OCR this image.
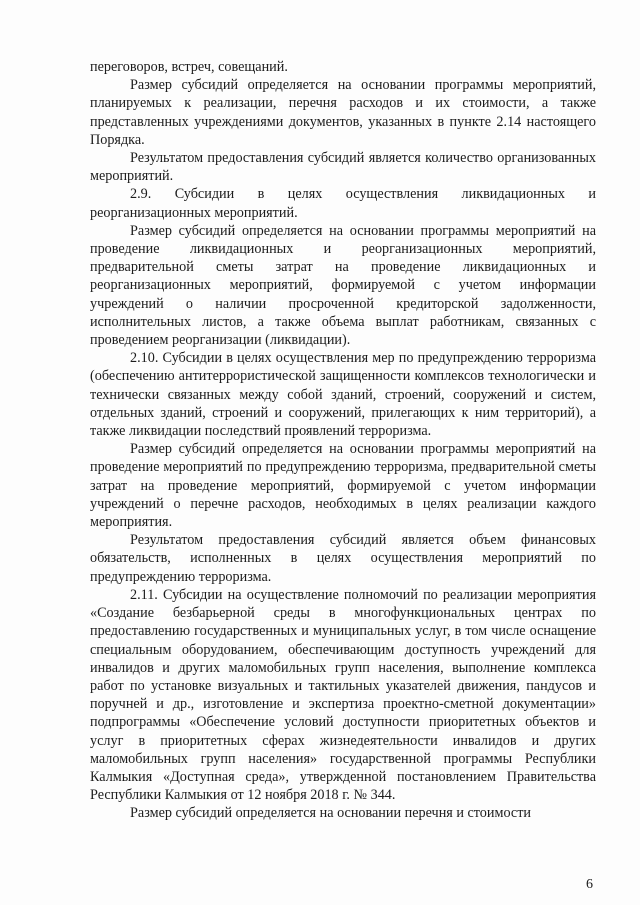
переговоров, встреч, совещаний.

Размер субсидий определяется на основании программы мероприятий, планируемых к реализации, перечня расходов и их стоимости, а также представленных учреждениями документов, указанных в пункте 2.14 настоящего Порядка.

Результатом предоставления субсидий является количество организованных мероприятий.

2.9. Субсидии в целях осуществления ликвидационных и реорганизационных мероприятий.

Размер субсидий определяется на основании программы мероприятий на проведение ликвидационных и реорганизационных мероприятий, предварительной сметы затрат на проведение ликвидационных и реорганизационных мероприятий, формируемой с учетом информации учреждений о наличии просроченной кредиторской задолженности, исполнительных листов, а также объема выплат работникам, связанных с проведением реорганизации (ликвидации).

2.10. Субсидии в целях осуществления мер по предупреждению терроризма (обеспечению антитеррористической защищенности комплексов технологически и технически связанных между собой зданий, строений, сооружений и систем, отдельных зданий, строений и сооружений, прилегающих к ним территорий), а также ликвидации последствий проявлений терроризма.

Размер субсидий определяется на основании программы мероприятий на проведение мероприятий по предупреждению терроризма, предварительной сметы затрат на проведение мероприятий, формируемой с учетом информации учреждений о перечне расходов, необходимых в целях реализации каждого мероприятия.

Результатом предоставления субсидий является объем финансовых обязательств, исполненных в целях осуществления мероприятий по предупреждению терроризма.

2.11. Субсидии на осуществление полномочий по реализации мероприятия «Создание безбарьерной среды в многофункциональных центрах по предоставлению государственных и муниципальных услуг, в том числе оснащение специальным оборудованием, обеспечивающим доступность учреждений для инвалидов и других маломобильных групп населения, выполнение комплекса работ по установке визуальных и тактильных указателей движения, пандусов и поручней и др., изготовление и экспертиза проектно-сметной документации» подпрограммы «Обеспечение условий доступности приоритетных объектов и услуг в приоритетных сферах жизнедеятельности инвалидов и других маломобильных групп населения» государственной программы Республики Калмыкия «Доступная среда», утвержденной постановлением Правительства Республики Калмыкия от 12 ноября 2018 г. № 344.

Размер субсидий определяется на основании перечня и стоимости

6
